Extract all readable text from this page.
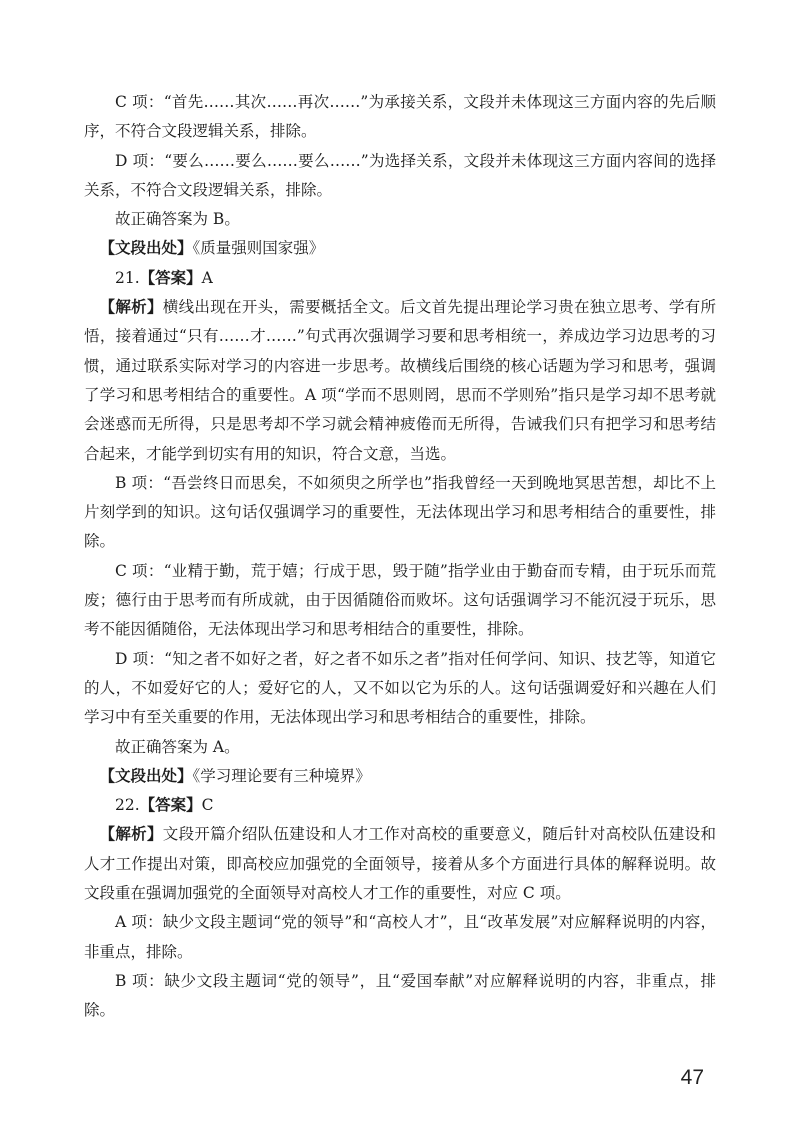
C 项：“首先……其次……再次……”为承接关系，文段并未体现这三方面内容的先后顺序，不符合文段逻辑关系，排除。

D 项：“要么……要么……要么……”为选择关系，文段并未体现这三方面内容间的选择关系，不符合文段逻辑关系，排除。

故正确答案为 B。

【文段出处】《质量强则国家强》

21.【答案】A

【解析】横线出现在开头，需要概括全文。后文首先提出理论学习贵在独立思考、学有所悟，接着通过“只有……才……”句式再次强调学习要和思考相统一，养成边学习边思考的习惯，通过联系实际对学习的内容进一步思考。故横线后围绕的核心话题为学习和思考，强调了学习和思考相结合的重要性。A 项“学而不思则罔，思而不学则殆”指只是学习却不思考就会迷惑而无所得，只是思考却不学习就会精神疲倦而无所得，告诫我们只有把学习和思考结合起来，才能学到切实有用的知识，符合文意，当选。

B 项：“吾尝终日而思矣，不如须臾之所学也”指我曾经一天到晚地冥思苦想，却比不上片刻学到的知识。这句话仅强调学习的重要性，无法体现出学习和思考相结合的重要性，排除。

C 项：“业精于勤，荒于嬉；行成于思，毁于随”指学业由于勤奋而专精，由于玩乐而荒废；德行由于思考而有所成就，由于因循随俗而败坏。这句话强调学习不能沉浸于玩乐，思考不能因循随俗，无法体现出学习和思考相结合的重要性，排除。

D 项：“知之者不如好之者，好之者不如乐之者”指对任何学问、知识、技艺等，知道它的人，不如爱好它的人；爱好它的人，又不如以它为乐的人。这句话强调爱好和兴趣在人们学习中有至关重要的作用，无法体现出学习和思考相结合的重要性，排除。

故正确答案为 A。

【文段出处】《学习理论要有三种境界》

22.【答案】C

【解析】文段开篇介绍队伍建设和人才工作对高校的重要意义，随后针对高校队伍建设和人才工作提出对策，即高校应加强党的全面领导，接着从多个方面进行具体的解释说明。故文段重在强调加强党的全面领导对高校人才工作的重要性，对应 C 项。

A 项：缺少文段主题词“党的领导”和“高校人才”，且“改革发展”对应解释说明的内容，非重点，排除。

B 项：缺少文段主题词“党的领导”，且“爱国奉献”对应解释说明的内容，非重点，排除。

47
